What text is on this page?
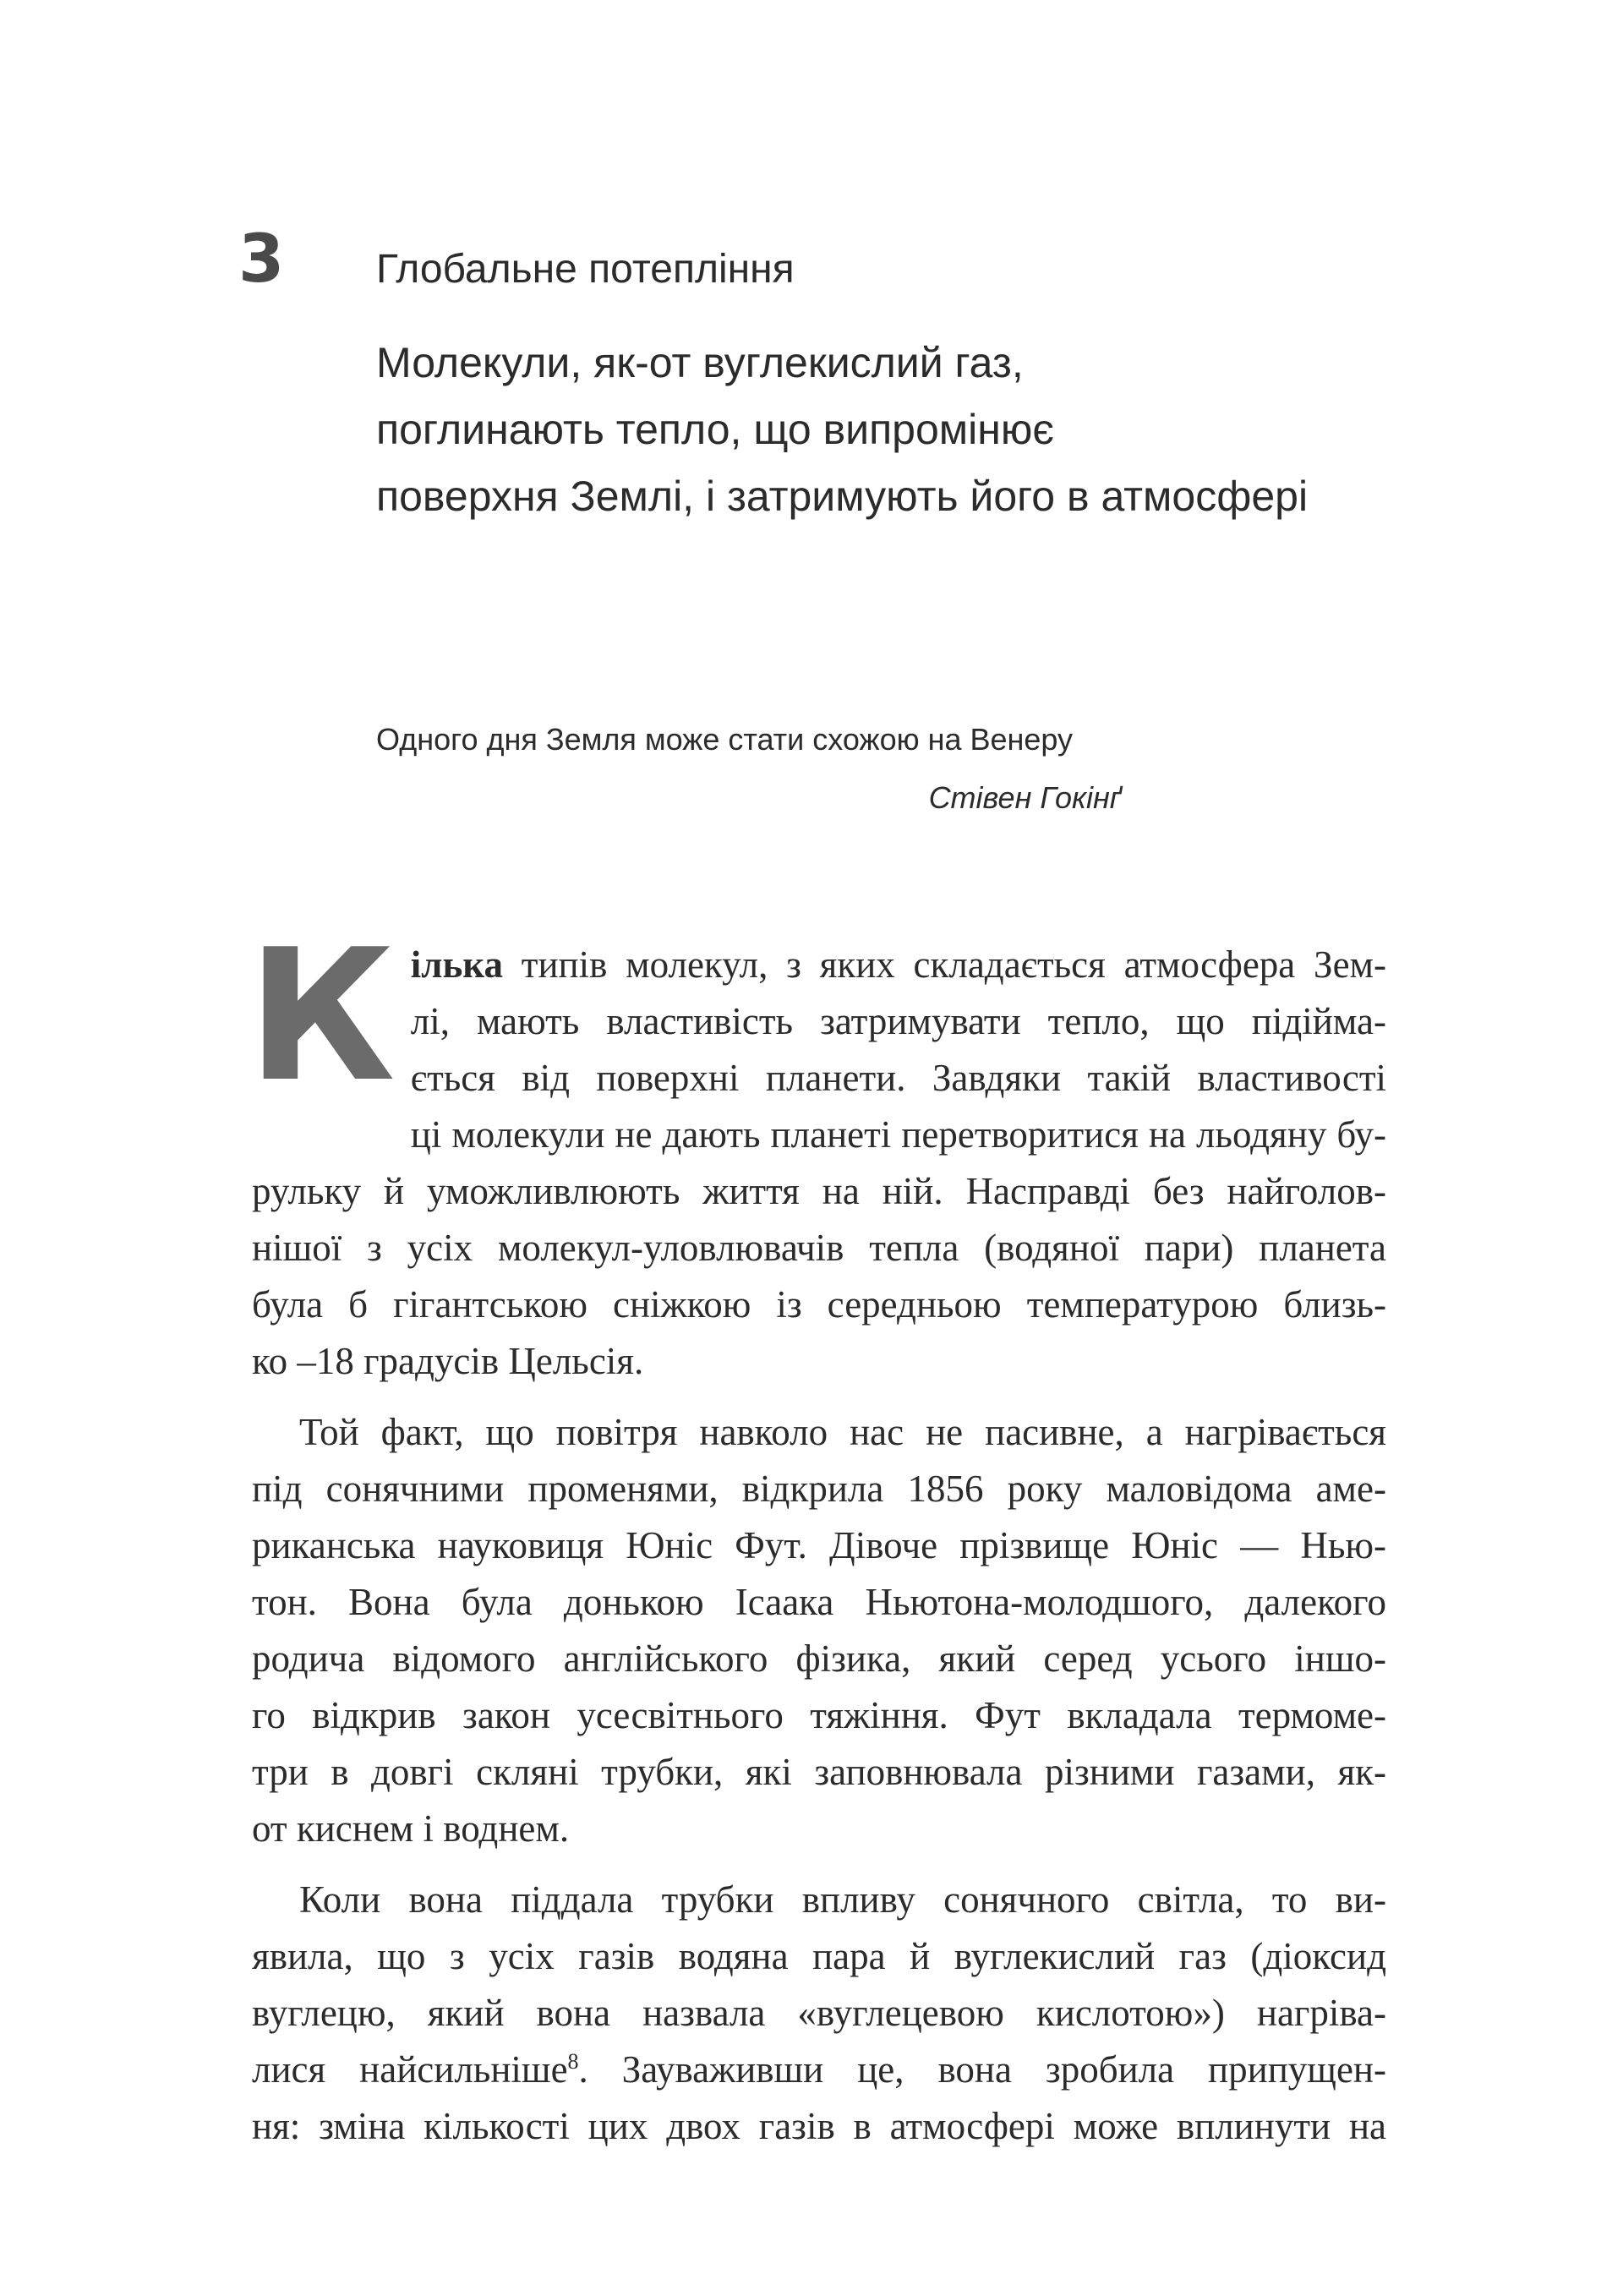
3 Глобальне потепління
Молекули, як-от вуглекислий газ,
поглинають тепло, що випромінює
поверхня Землі, і затримують його в атмосфері
Одного дня Земля може стати схожою на Венеру
Стівен Гокінґ
К ілька типів молекул, з яких складається атмосфера Зем-
лі, мають властивість затримувати тепло, що підійма-
ється від поверхні планети. Завдяки такій властивості
ці молекули не дають планеті перетворитися на льодяну бу-
рульку й уможливлюють життя на ній. Насправді без найголов-
нішої з усіх молекул-уловлювачів тепла (водяної пари) планета
була б гігантською сніжкою із середньою температурою близь-
ко –18 градусів Цельсія.
Той факт, що повітря навколо нас не пасивне, а нагрівається
під сонячними променями, відкрила 1856 року маловідома аме-
риканська науковиця Юніс Фут. Дівоче прізвище Юніс — Нью-
тон. Вона була донькою Ісаака Ньютона-молодшого, далекого
родича відомого англійського фізика, який серед усього іншо-
го відкрив закон усесвітнього тяжіння. Фут вкладала термоме-
три в довгі скляні трубки, які заповнювала різними газами, як-
от киснем і воднем.
Коли вона піддала трубки впливу сонячного світла, то ви-
явила, що з усіх газів водяна пара й вуглекислий газ (діоксид
вуглецю, який вона назвала «вуглецевою кислотою») нагріва-
лися найсильніше$^8$. Зауваживши це, вона зробила припущен-
ня: зміна кількості цих двох газів в атмосфері може вплинути на
